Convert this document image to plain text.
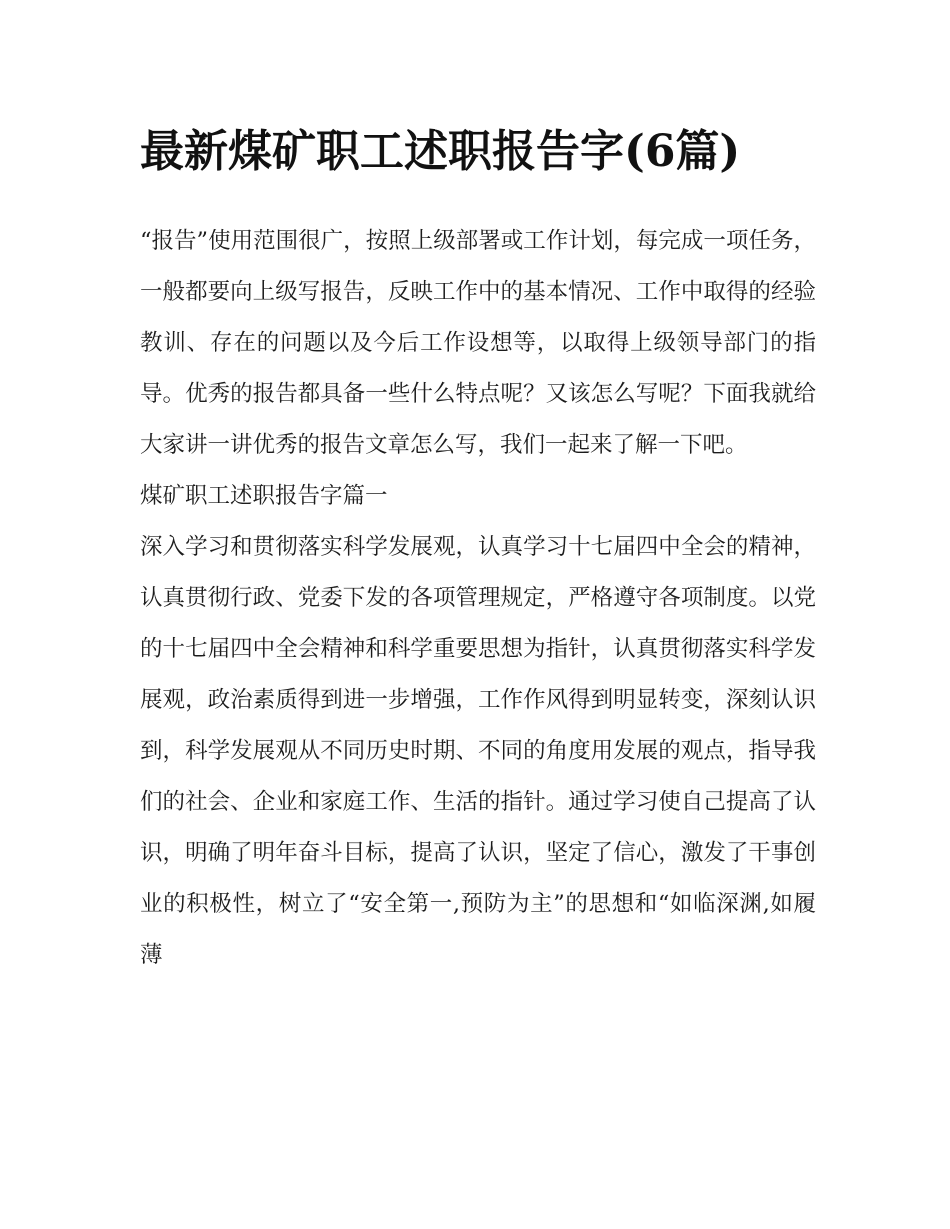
最新煤矿职工述职报告字(6篇)

“报告”使用范围很广，按照上级部署或工作计划，每完成一项任务，一般都要向上级写报告，反映工作中的基本情况、工作中取得的经验教训、存在的问题以及今后工作设想等，以取得上级领导部门的指导。优秀的报告都具备一些什么特点呢？又该怎么写呢？下面我就给大家讲一讲优秀的报告文章怎么写，我们一起来了解一下吧。

煤矿职工述职报告字篇一

深入学习和贯彻落实科学发展观，认真学习十七届四中全会的精神，认真贯彻行政、党委下发的各项管理规定，严格遵守各项制度。以党的十七届四中全会精神和科学重要思想为指针，认真贯彻落实科学发展观，政治素质得到进一步增强，工作作风得到明显转变，深刻认识到，科学发展观从不同历史时期、不同的角度用发展的观点，指导我们的社会、企业和家庭工作、生活的指针。通过学习使自己提高了认识，明确了明年奋斗目标，提高了认识，坚定了信心，激发了干事创业的积极性，树立了“安全第一,预防为主”的思想和“如临深渊,如履薄
